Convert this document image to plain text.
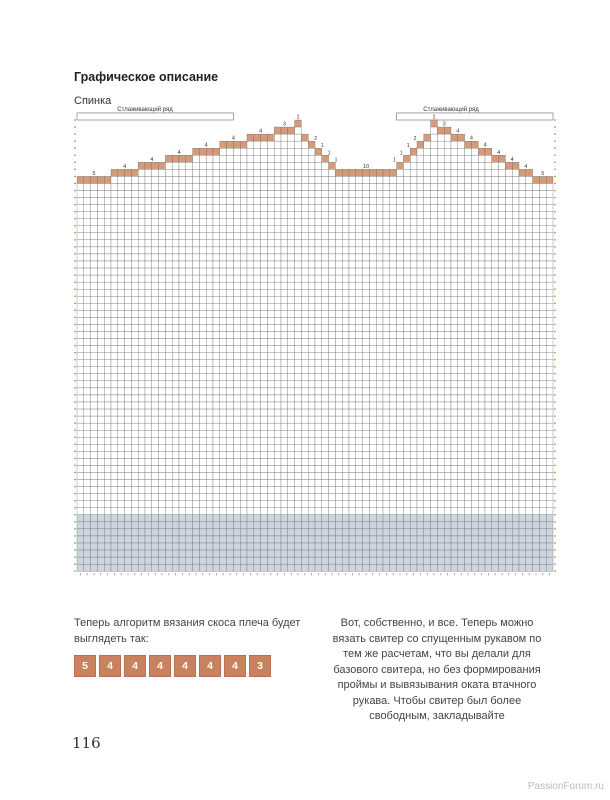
Графическое описание
Спинка
Стлаживающий ряд	Стлаживающий ряд
5
4
4
4
4
4
4
3
1
10
2
1
1
1	1
1
1
2
1
3
4
4
4
4
4
4
5
Теперь алгоритм вязания скоса плеча будет выглядеть так:
5	4	4	4	4	4	4	3
Вот, собственно, и все. Теперь можно вязать свитер со спущенным рукавом по тем же расчетам, что вы делали для базового свитера, но без формирования проймы и вывязывания оката втачного рукава. Чтобы свитер был более свободным, закладывайте
116
PassionForum.ru
